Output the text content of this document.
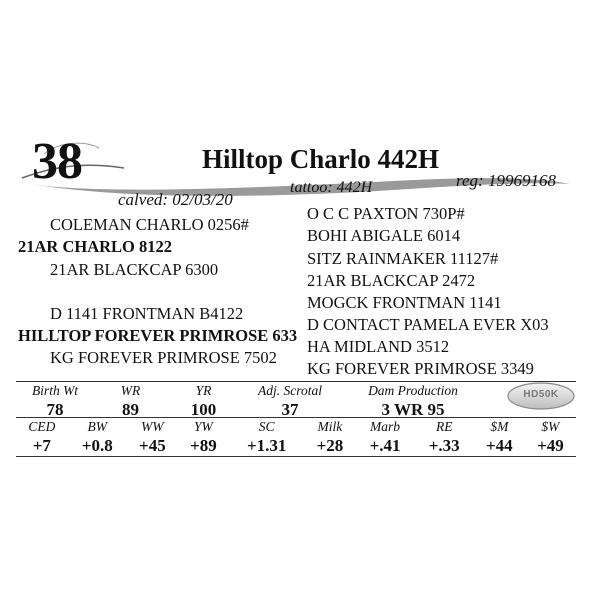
38	Hilltop Charlo 442H
calved: 02/03/20
tattoo: 442H	reg: 19969168
COLEMAN CHARLO 0256#
21AR CHARLO 8122
21AR BLACKCAP 6300
D 1141 FRONTMAN B4122
HILLTOP FOREVER PRIMROSE 633
KG FOREVER PRIMROSE 7502
O C C PAXTON 730P#
BOHI ABIGALE 6014
SITZ RAINMAKER 11127#
21AR BLACKCAP 2472
MOGCK FRONTMAN 1141
D CONTACT PAMELA EVER X03
HA MIDLAND 3512
KG FOREVER PRIMROSE 3349
Birth Wt	WR	YR	Adj. Scrotal	Dam Production	
78	89	100	37	3 WR 95	
HD50K
CED	BW	WW	YW	SC	Milk	Marb	RE	$M	$W
+7	+0.8	+45	+89	+1.31	+28	+.41	+.33	+44	+49
